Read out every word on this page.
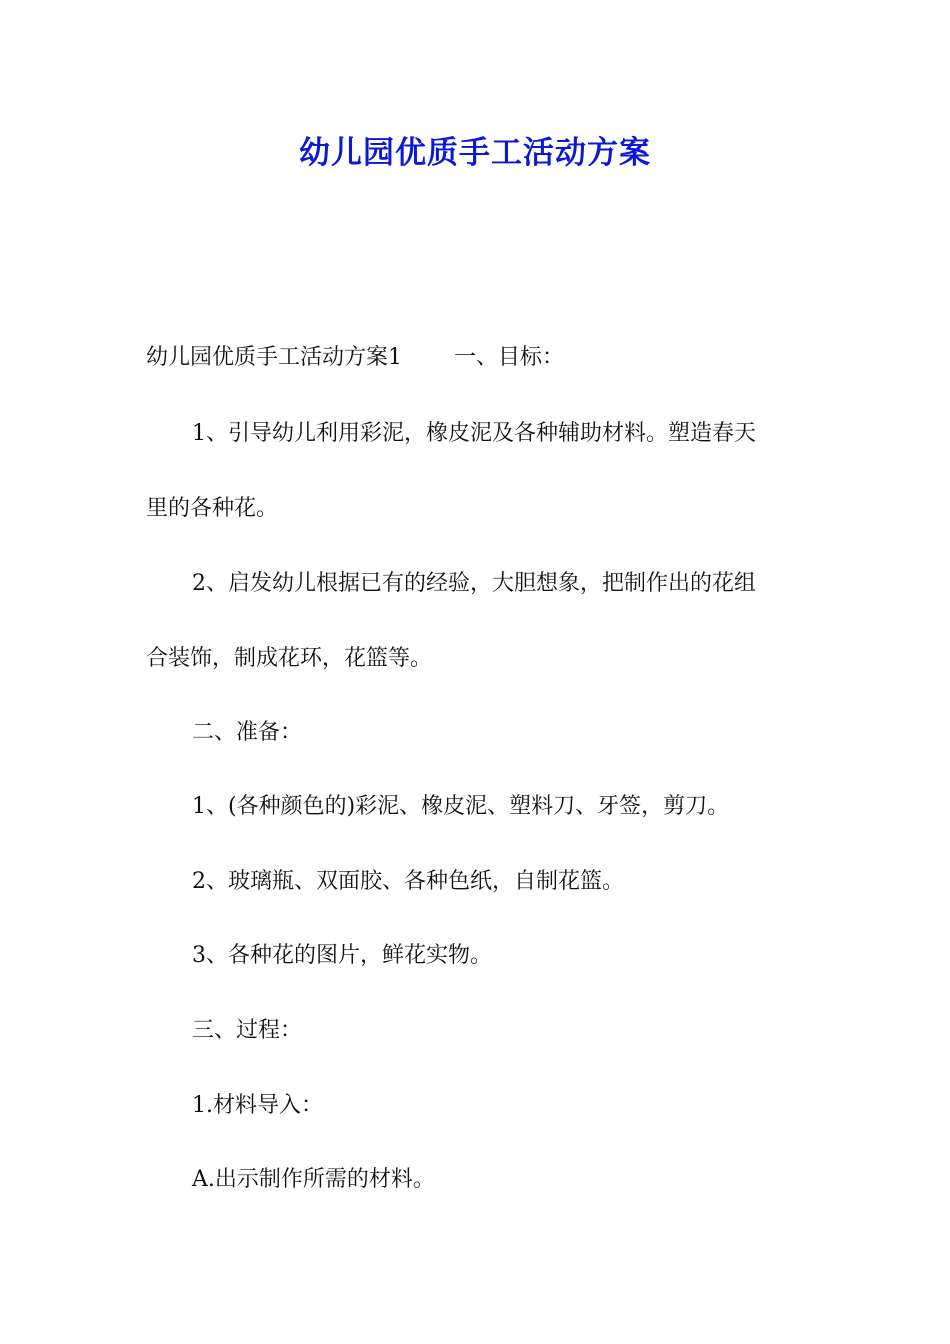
幼儿园优质手工活动方案

幼儿园优质手工活动方案1 一、目标：

1、引导幼儿利用彩泥，橡皮泥及各种辅助材料。塑造春天

里的各种花。

2、启发幼儿根据已有的经验，大胆想象，把制作出的花组

合装饰，制成花环，花篮等。

二、准备：

1、(各种颜色的)彩泥、橡皮泥、塑料刀、牙签，剪刀。

2、玻璃瓶、双面胶、各种色纸，自制花篮。

3、各种花的图片，鲜花实物。

三、过程：

1.材料导入：

A.出示制作所需的材料。
